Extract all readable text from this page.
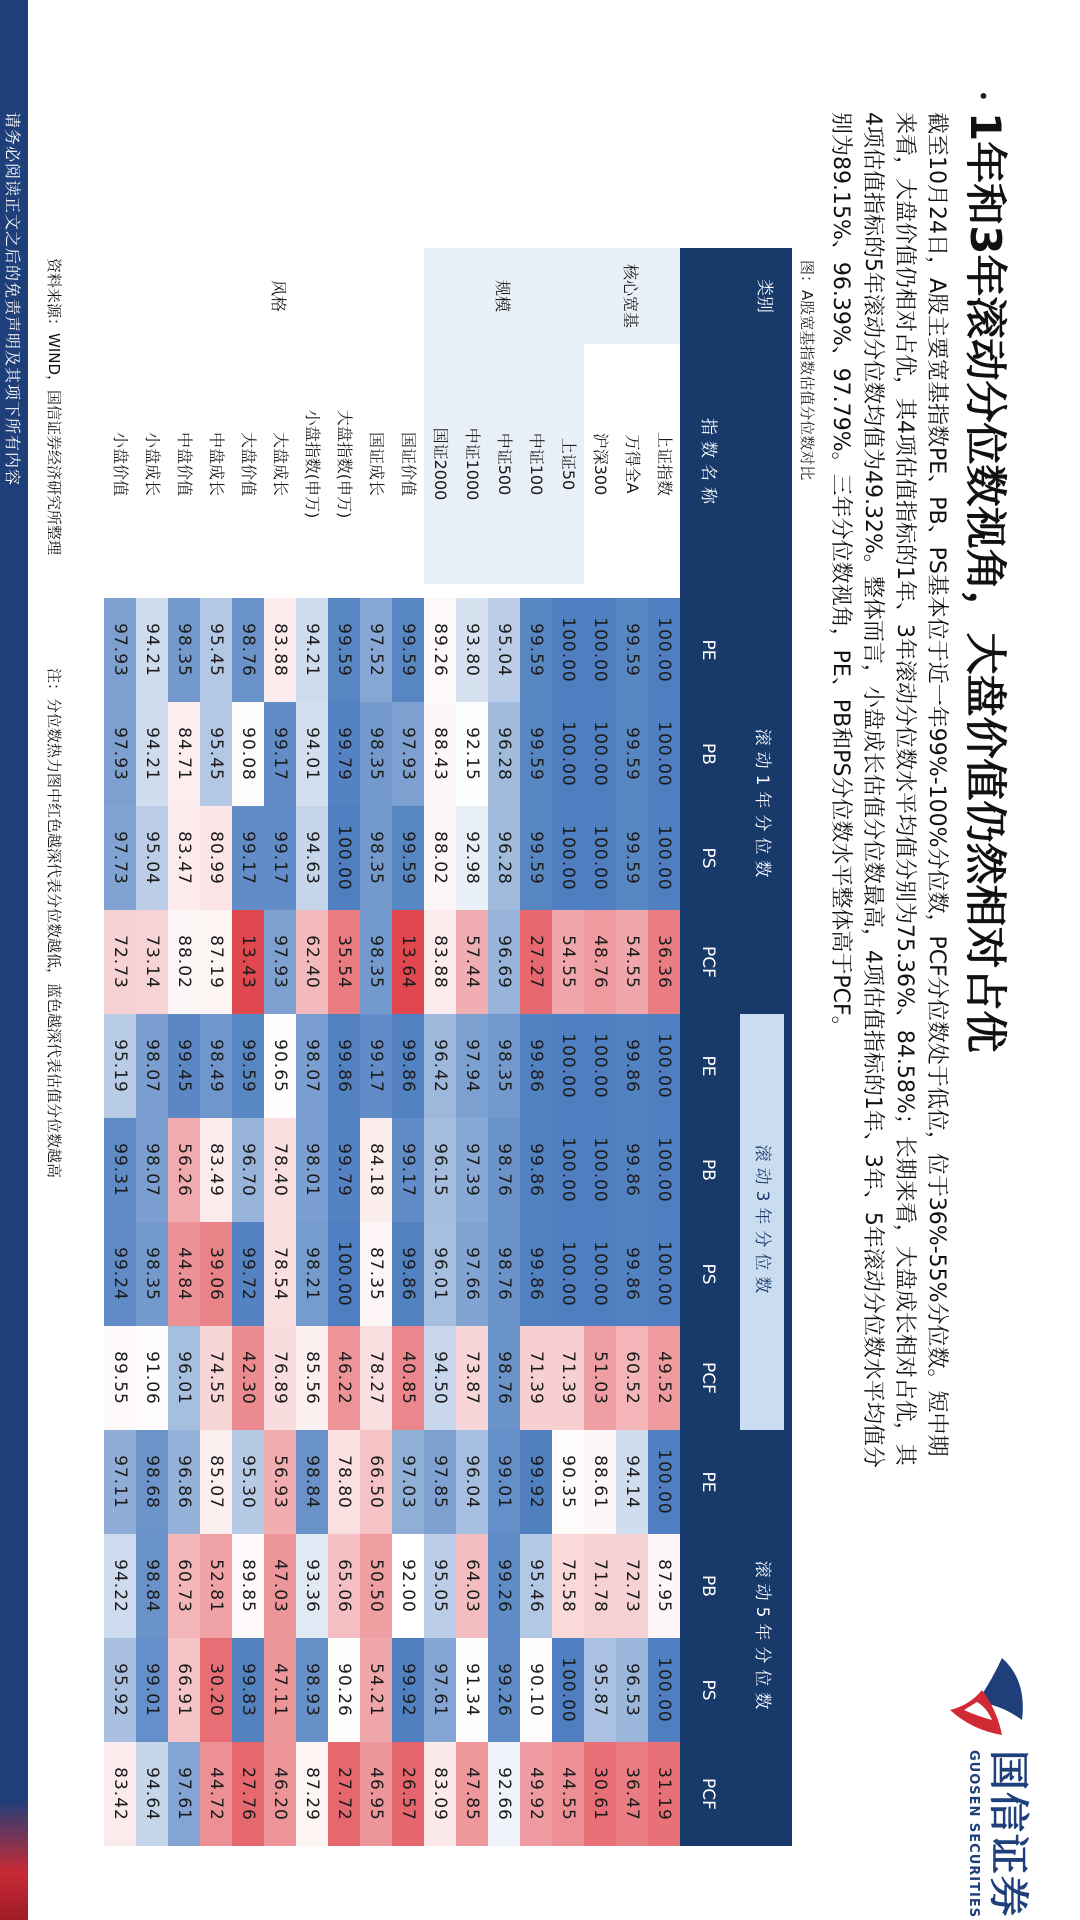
国信证券
GUOSEN SECURITIES
•
1年和3年滚动分位数视角，大盘价值仍然相对占优
截至10月24日，A股主要宽基指数PE、PB、PS基本位于近一年99%-100%分位数，PCF分位数处于低位，位于36%-55%分位数。短中期
来看，大盘价值仍相对占优，其4项估值指标的1年、3年滚动分位数水平均值分别为75.36%、84.58%；长期来看，大盘成长相对占优，其
4项估值指标的5年滚动分位数均值为49.32%。整体而言，小盘成长估值分位数最高，4项估值指标的1年、3年、5年滚动分位数水平均值分
别为89.15%、96.39%、97.79%。三年分位数视角，PE、PB和PS分位数水平整体高于PCF。
图：A股宽基指数估值分位数对比
类别
指数名称
滚动1年分位数
PE
PB
PS
PCF
滚动3年分位数
PE
PB
PS
PCF
滚动5年分位数
PE
PB
PS
PCF
核心宽基
规模
风格
上证指数
100.00
100.00
100.00
36.36
100.00
100.00
100.00
49.52
100.00
87.95
100.00
31.19
万得全A
99.59
99.59
99.59
54.55
99.86
99.86
99.86
60.52
94.14
72.73
96.53
36.47
沪深300
100.00
100.00
100.00
48.76
100.00
100.00
100.00
51.03
88.61
71.78
95.87
30.61
上证50
100.00
100.00
100.00
54.55
100.00
100.00
100.00
71.39
90.35
75.58
100.00
44.55
中证100
99.59
99.59
99.59
27.27
99.86
99.86
99.86
71.39
99.92
95.46
90.10
49.92
中证500
95.04
96.28
96.28
96.69
98.35
98.76
98.76
98.76
99.01
99.26
99.26
92.66
中证1000
93.80
92.15
92.98
57.44
97.94
97.39
97.66
73.87
96.04
64.03
91.34
47.85
国证2000
89.26
88.43
88.02
83.88
96.42
96.15
96.01
94.50
97.85
95.05
97.61
83.09
国证价值
99.59
97.93
99.59
13.64
99.86
99.17
99.86
40.85
97.03
92.00
99.92
26.57
国证成长
97.52
98.35
98.35
98.35
99.17
84.18
87.35
78.27
66.50
50.50
54.21
46.95
大盘指数(申万)
99.59
99.79
100.00
35.54
99.86
99.79
100.00
46.22
78.80
65.06
90.26
27.72
小盘指数(申万)
94.21
94.01
94.63
62.40
98.07
98.01
98.21
85.56
98.84
93.36
98.93
87.29
大盘成长
83.88
99.17
99.17
97.93
90.65
78.40
78.54
76.89
56.93
47.03
47.11
46.20
大盘价值
98.76
90.08
99.17
13.43
99.59
96.70
99.72
42.30
95.30
89.85
99.83
27.76
中盘成长
95.45
95.45
80.99
87.19
98.49
83.49
39.06
74.55
85.07
52.81
30.20
44.72
中盘价值
98.35
84.71
83.47
88.02
99.45
56.26
44.84
96.01
96.86
60.73
66.91
97.61
小盘成长
94.21
94.21
95.04
73.14
98.07
98.07
98.35
91.06
98.68
98.84
99.01
94.64
小盘价值
97.93
97.93
97.73
72.73
95.19
99.31
99.24
89.55
97.11
94.22
95.92
83.42
资料来源：WIND，国信证券经济研究所整理
注：分位数热力图中红色越深代表分位数越低，蓝色越深代表估值分位数越高
请务必阅读正文之后的免责声明及其项下所有内容
